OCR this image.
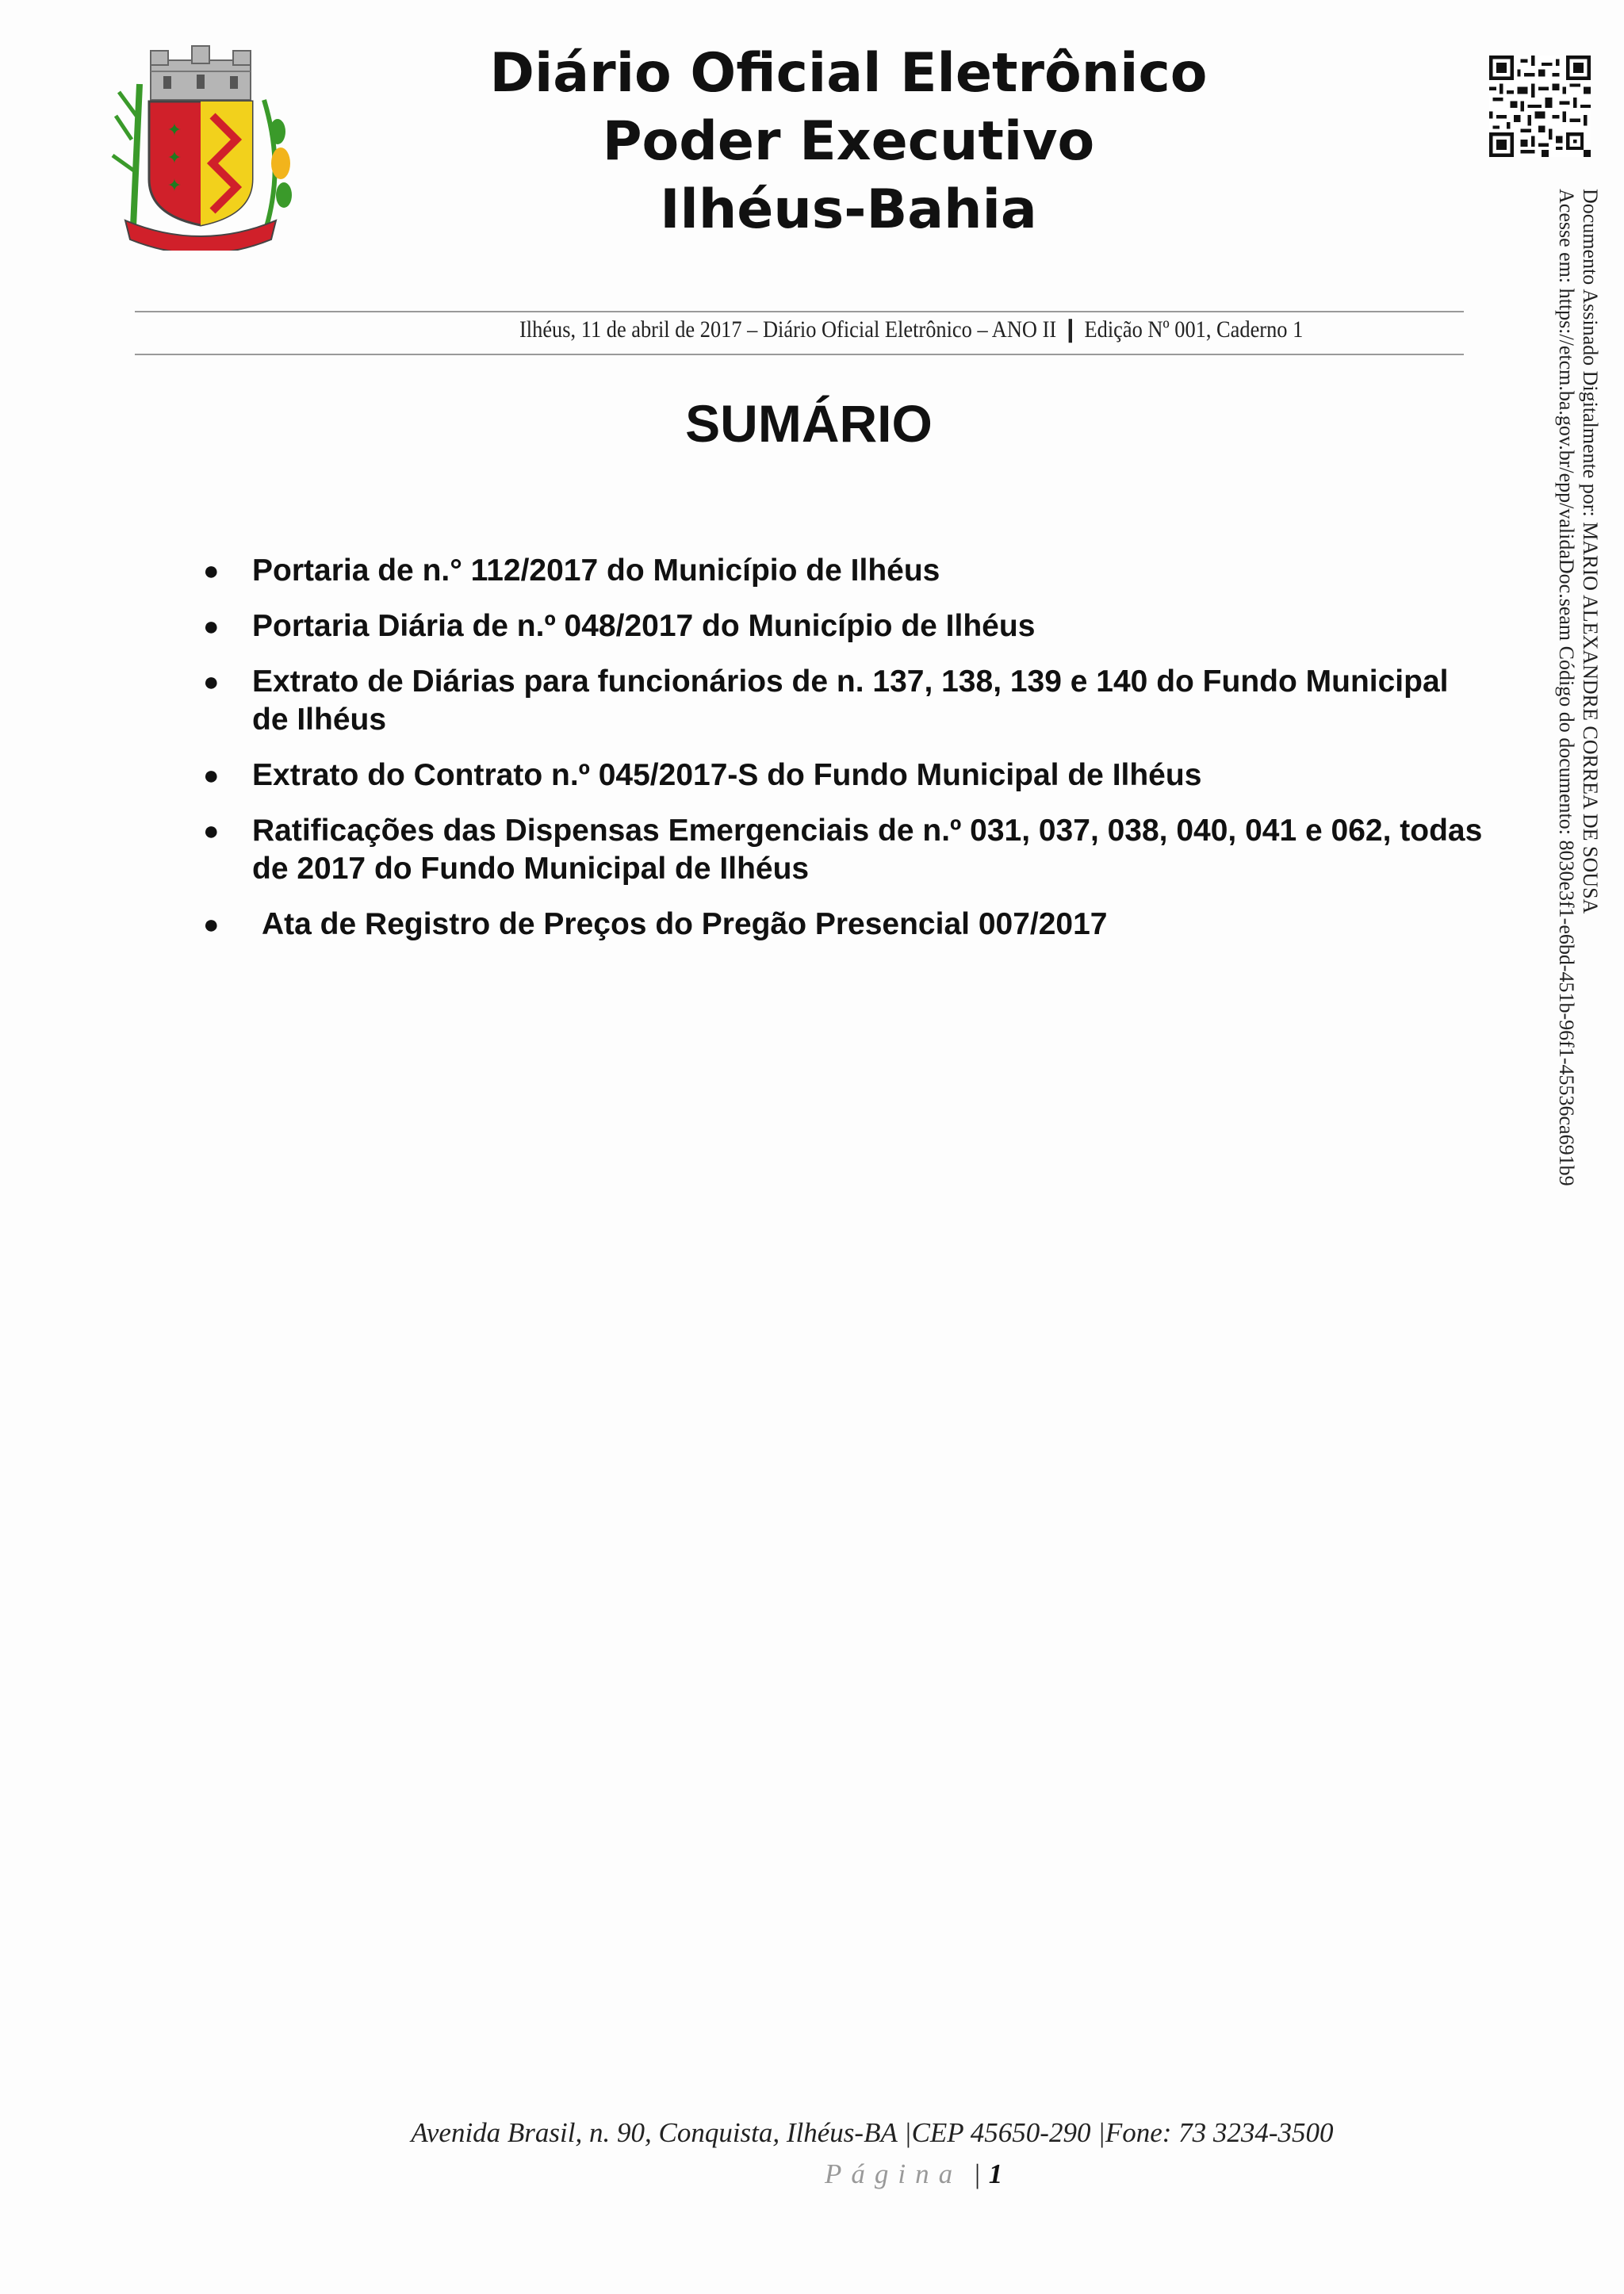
✦
✦
✦
Diário Oficial Eletrônico
Poder Executivo
Ilhéus-Bahia	Documento Assinado Digitalmente por: MARIO ALEXANDRE CORREA DE SOUSA
Acesse em: https://etcm.ba.gov.br/epp/validaDoc.seam Código do documento: 8030e3f1-e6bd-451b-96f1-45536ca691b9
Ilhéus, 11 de abril de 2017 – Diário Oficial Eletrônico – ANO II ❙ Edição Nº 001, Caderno 1
SUMÁRIO
● Portaria de n.° 112/2017 do Município de Ilhéus
● Portaria Diária de n.º 048/2017 do Município de Ilhéus
● Extrato de Diárias para funcionários de n. 137, 138, 139 e 140 do Fundo Municipal de Ilhéus
● Extrato do Contrato n.º 045/2017-S do Fundo Municipal de Ilhéus
● Ratificações das Dispensas Emergenciais de n.º 031, 037, 038, 040, 041 e 062, todas de 2017 do Fundo Municipal de Ilhéus
● Ata de Registro de Preços do Pregão Presencial 007/2017
Avenida Brasil, n. 90, Conquista, Ilhéus-BA |CEP 45650-290 |Fone: 73 3234-3500
Página | 1
